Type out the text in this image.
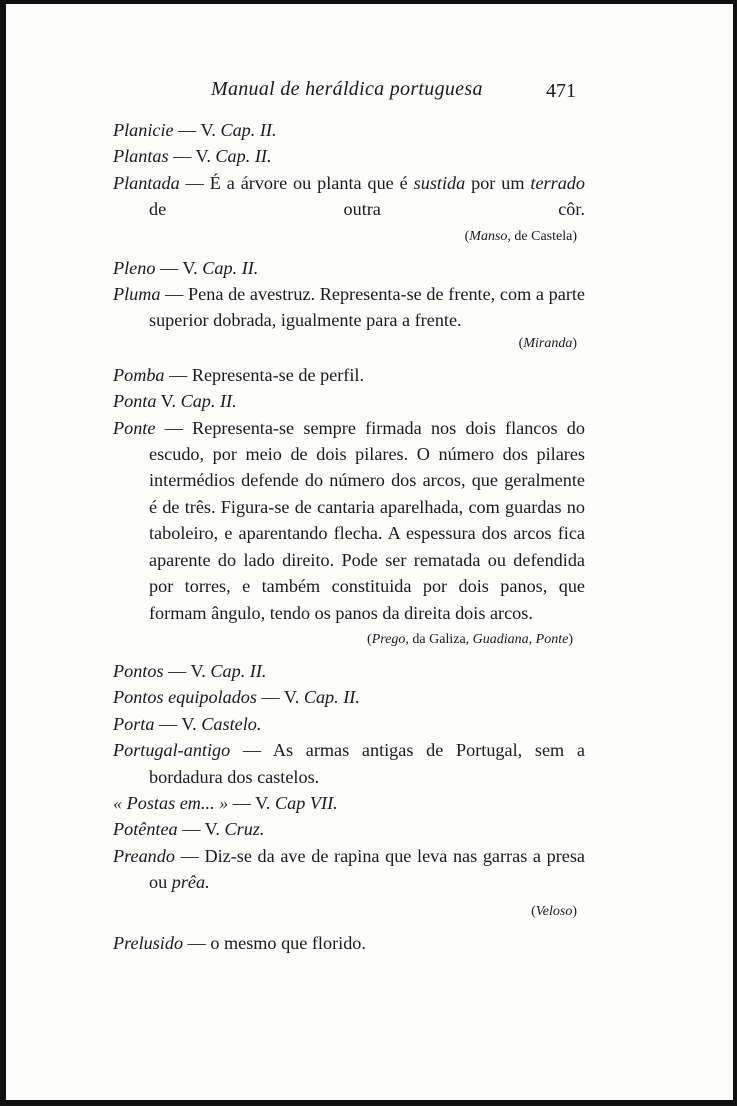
Manual de heráldica portuguesa	471

Planicie — V. Cap. II.

Plantas — V. Cap. II.

Plantada — É a árvore ou planta que é sustida por um terrado de outra côr.

(Manso, de Castela)

Pleno — V. Cap. II.

Pluma — Pena de avestruz. Representa-se de frente, com a parte superior dobrada, igualmente para a frente.

(Miranda)

Pomba — Representa-se de perfil.

Ponta V. Cap. II.

Ponte — Representa-se sempre firmada nos dois flancos do escudo, por meio de dois pilares. O número dos pilares intermédios defende do número dos arcos, que geralmente é de três. Figura-se de cantaria aparelhada, com guardas no taboleiro, e aparentando flecha. A espessura dos arcos fica aparente do lado direito. Pode ser rematada ou defendida por torres, e também constituida por dois panos, que formam ângulo, tendo os panos da direita dois arcos.

(Prego, da Galiza, Guadiana, Ponte)

Pontos — V. Cap. II.

Pontos equipolados — V. Cap. II.

Porta — V. Castelo.

Portugal-antigo — As armas antigas de Portugal, sem a bordadura dos castelos.

« Postas em... » — V. Cap VII.

Potêntea — V. Cruz.

Preando — Diz-se da ave de rapina que leva nas garras a presa ou prêa.

(Veloso)

Prelusido — o mesmo que florido.
